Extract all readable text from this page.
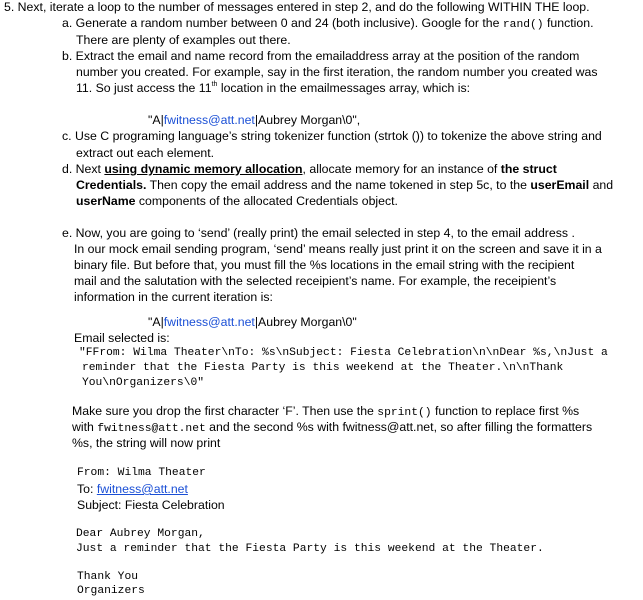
5. Next, iterate a loop to the number of messages entered in step 2, and do the following WITHIN THE loop.
a. Generate a random number between 0 and 24 (both inclusive). Google for the rand() function.
There are plenty of examples out there.
b. Extract the email and name record from the emailaddress array at the position of the random
number you created. For example, say in the first iteration, the random number you created was
11. So just access the 11th location in the emailmessages array, which is:
"A|fwitness@att.net|Aubrey Morgan\0",
c. Use C programing language’s string tokenizer function (strtok ()) to tokenize the above string and
extract out each element.
d. Next using dynamic memory allocation, allocate memory for an instance of the struct
Credentials. Then copy the email address and the name tokened in step 5c, to the userEmail and
userName components of the allocated Credentials object.
e. Now, you are going to ‘send’ (really print) the email selected in step 4, to the email address .
In our mock email sending program, ‘send’ means really just print it on the screen and save it in a
binary file. But before that, you must fill the %s locations in the email string with the recipient
mail and the salutation with the selected receipient’s name. For example, the receipient’s
information in the current iteration is:
"A|fwitness@att.net|Aubrey Morgan\0"
Email selected is:
"FFrom: Wilma Theater\nTo: %s\nSubject: Fiesta Celebration\n\nDear %s,\nJust a
reminder that the Fiesta Party is this weekend at the Theater.\n\nThank
You\nOrganizers\0"
Make sure you drop the first character ‘F’. Then use the sprint() function to replace first %s
with fwitness@att.net and the second %s with fwitness@att.net, so after filling the formatters
%s, the string will now print
From: Wilma Theater
To: fwitness@att.net
Subject: Fiesta Celebration
Dear Aubrey Morgan,
Just a reminder that the Fiesta Party is this weekend at the Theater.
Thank You
Organizers
